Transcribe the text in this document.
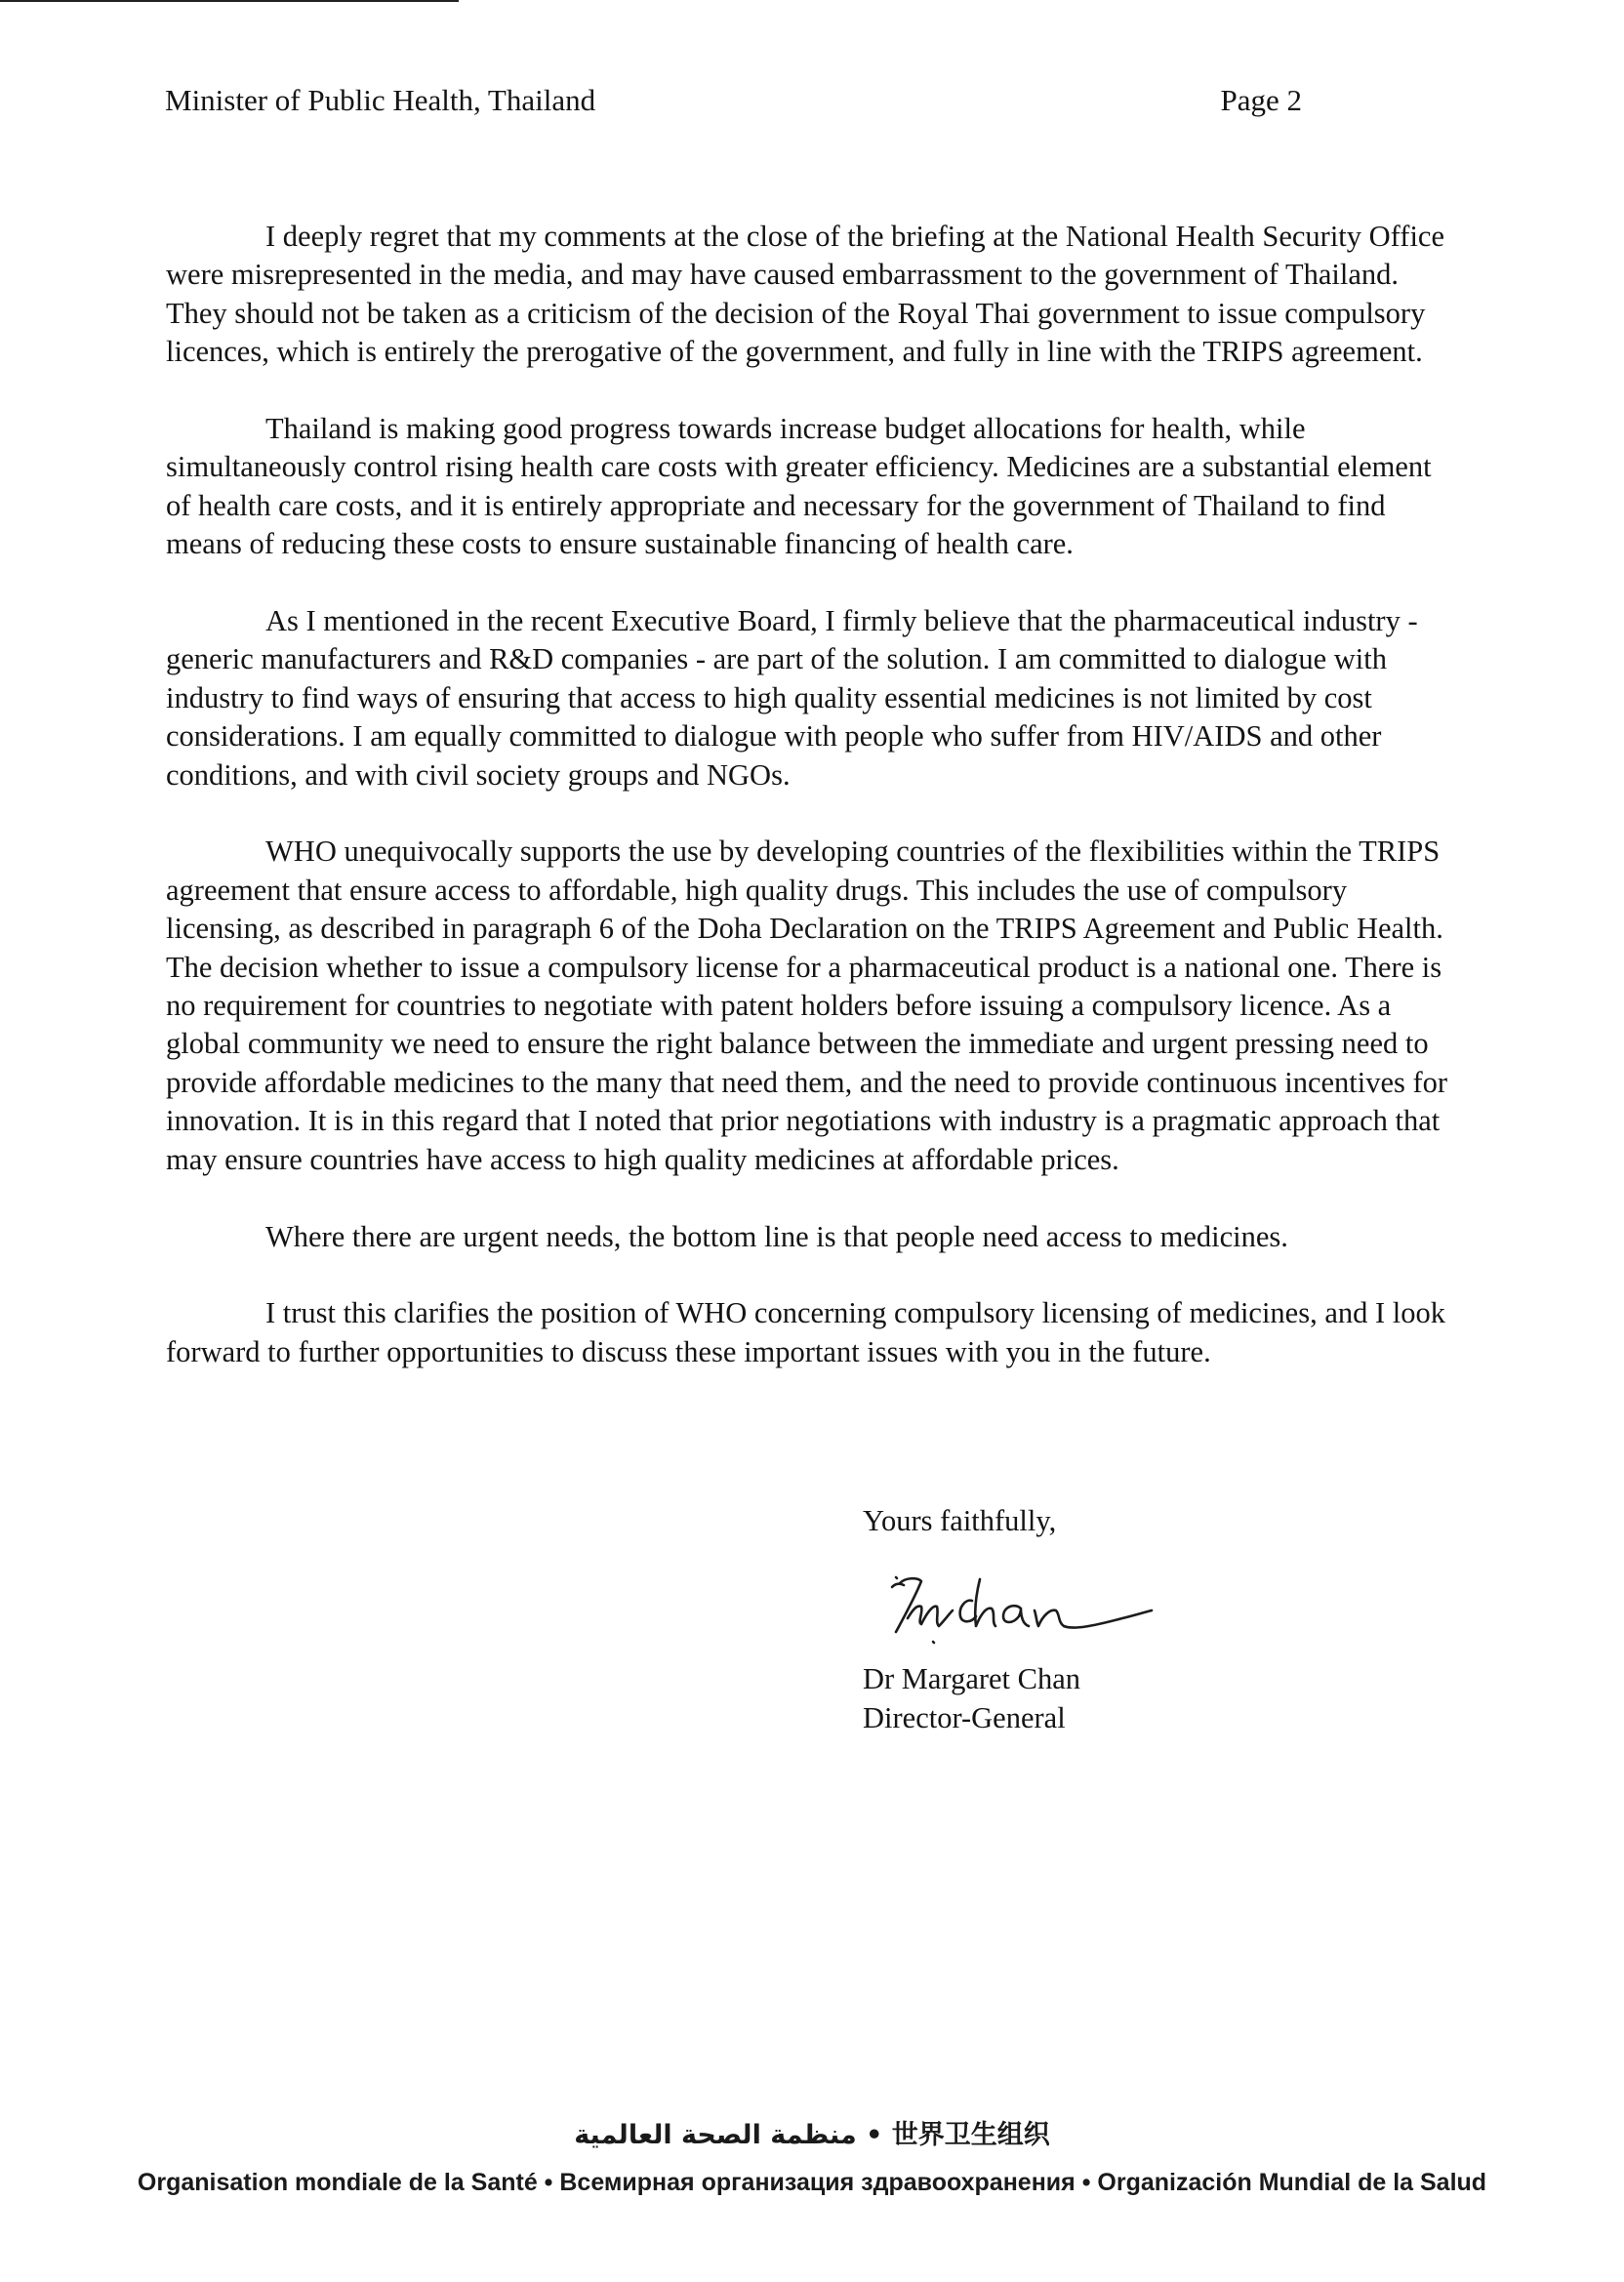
Minister of Public Health, Thailand	Page 2

I deeply regret that my comments at the close of the briefing at the National Health Security Office were misrepresented in the media, and may have caused embarrassment to the government of Thailand. They should not be taken as a criticism of the decision of the Royal Thai government to issue compulsory licences, which is entirely the prerogative of the government, and fully in line with the TRIPS agreement.

Thailand is making good progress towards increase budget allocations for health, while simultaneously control rising health care costs with greater efficiency. Medicines are a substantial element of health care costs, and it is entirely appropriate and necessary for the government of Thailand to find means of reducing these costs to ensure sustainable financing of health care.

As I mentioned in the recent Executive Board, I firmly believe that the pharmaceutical industry - generic manufacturers and R&D companies - are part of the solution. I am committed to dialogue with industry to find ways of ensuring that access to high quality essential medicines is not limited by cost considerations. I am equally committed to dialogue with people who suffer from HIV/AIDS and other conditions, and with civil society groups and NGOs.

WHO unequivocally supports the use by developing countries of the flexibilities within the TRIPS agreement that ensure access to affordable, high quality drugs. This includes the use of compulsory licensing, as described in paragraph 6 of the Doha Declaration on the TRIPS Agreement and Public Health. The decision whether to issue a compulsory license for a pharmaceutical product is a national one. There is no requirement for countries to negotiate with patent holders before issuing a compulsory licence. As a global community we need to ensure the right balance between the immediate and urgent pressing need to provide affordable medicines to the many that need them, and the need to provide continuous incentives for innovation. It is in this regard that I noted that prior negotiations with industry is a pragmatic approach that may ensure countries have access to high quality medicines at affordable prices.

Where there are urgent needs, the bottom line is that people need access to medicines.

I trust this clarifies the position of WHO concerning compulsory licensing of medicines, and I look forward to further opportunities to discuss these important issues with you in the future.

Yours faithfully,
Dr Margaret Chan
Director-General
منظمة الصحة العالمية • 世界卫生组织
Organisation mondiale de la Santé • Всемирная организация здравоохранения • Organización Mundial de la Salud
